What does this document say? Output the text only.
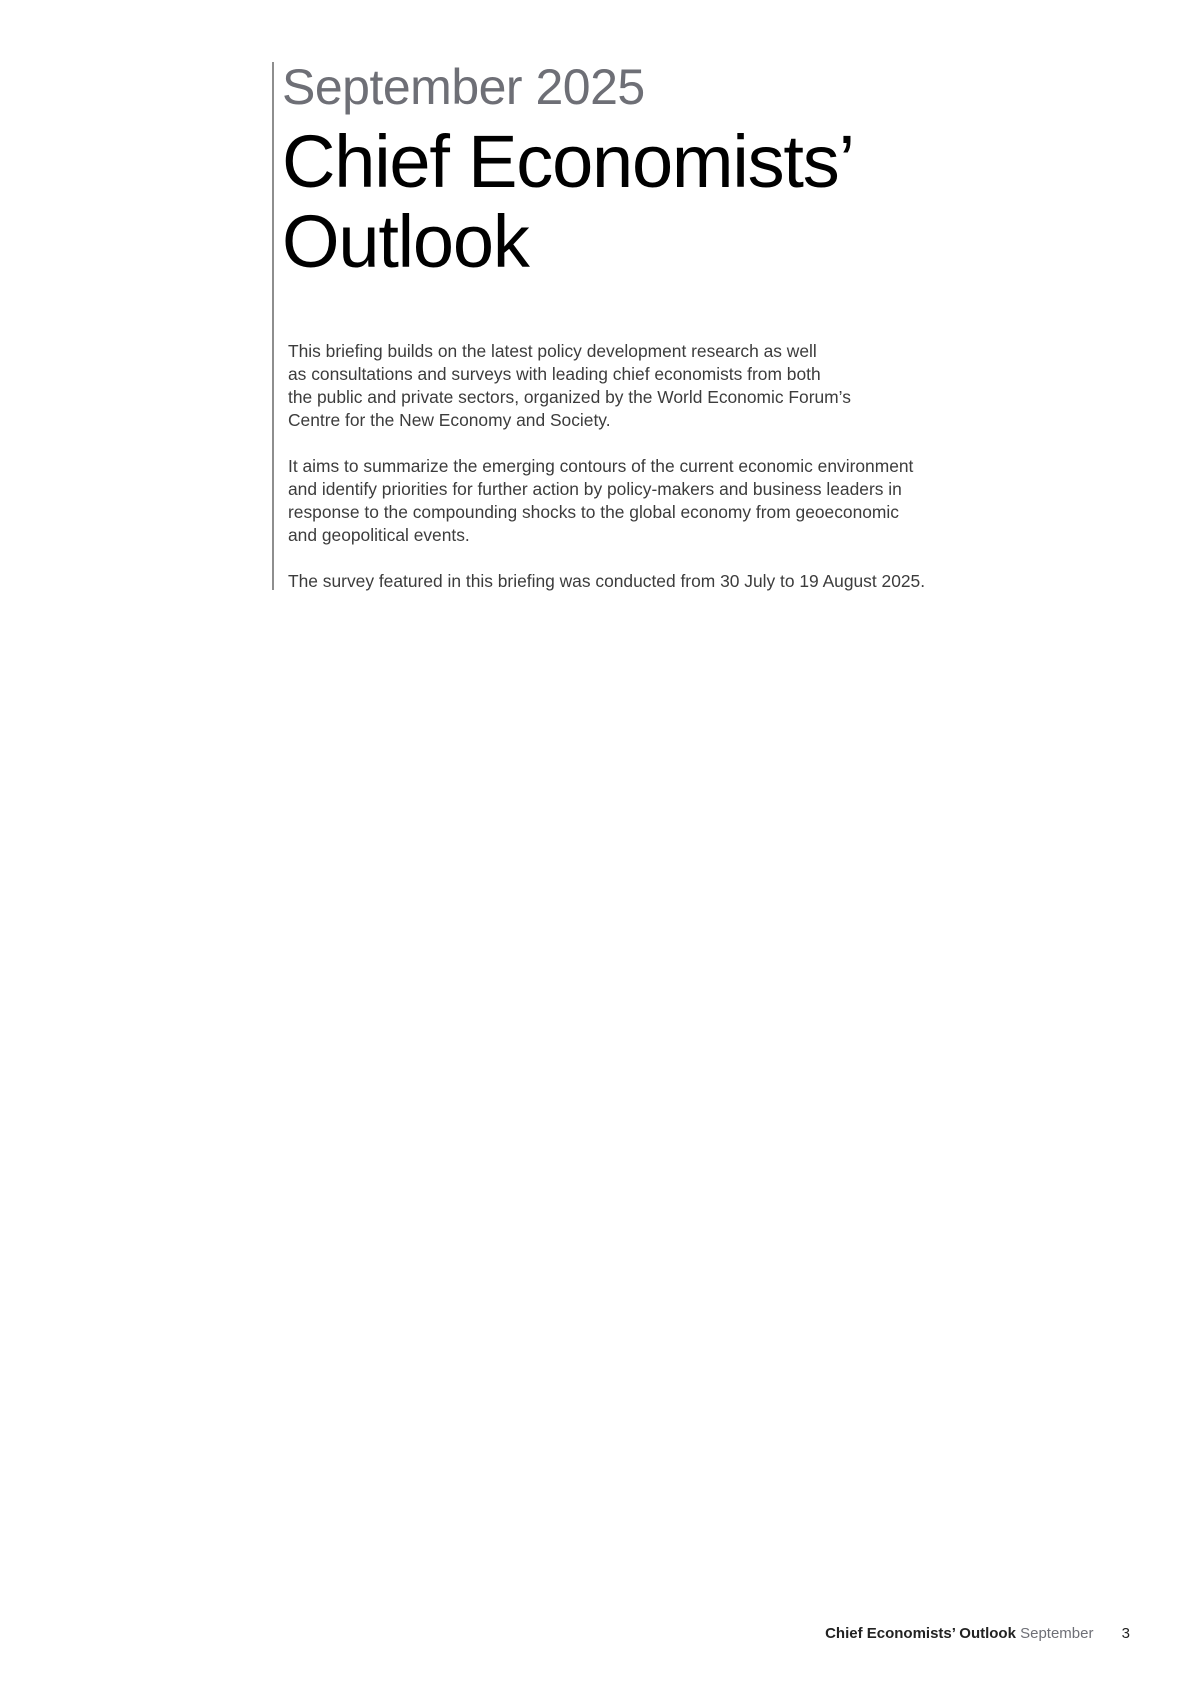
September 2025
Chief Economists’
Outlook

This briefing builds on the latest policy development research as well
as consultations and surveys with leading chief economists from both
the public and private sectors, organized by the World Economic Forum’s
Centre for the New Economy and Society.

It aims to summarize the emerging contours of the current economic environment
and identify priorities for further action by policy-makers and business leaders in
response to the compounding shocks to the global economy from geoeconomic
and geopolitical events.

The survey featured in this briefing was conducted from 30 July to 19 August 2025.

Chief Economists’ Outlook September 3
